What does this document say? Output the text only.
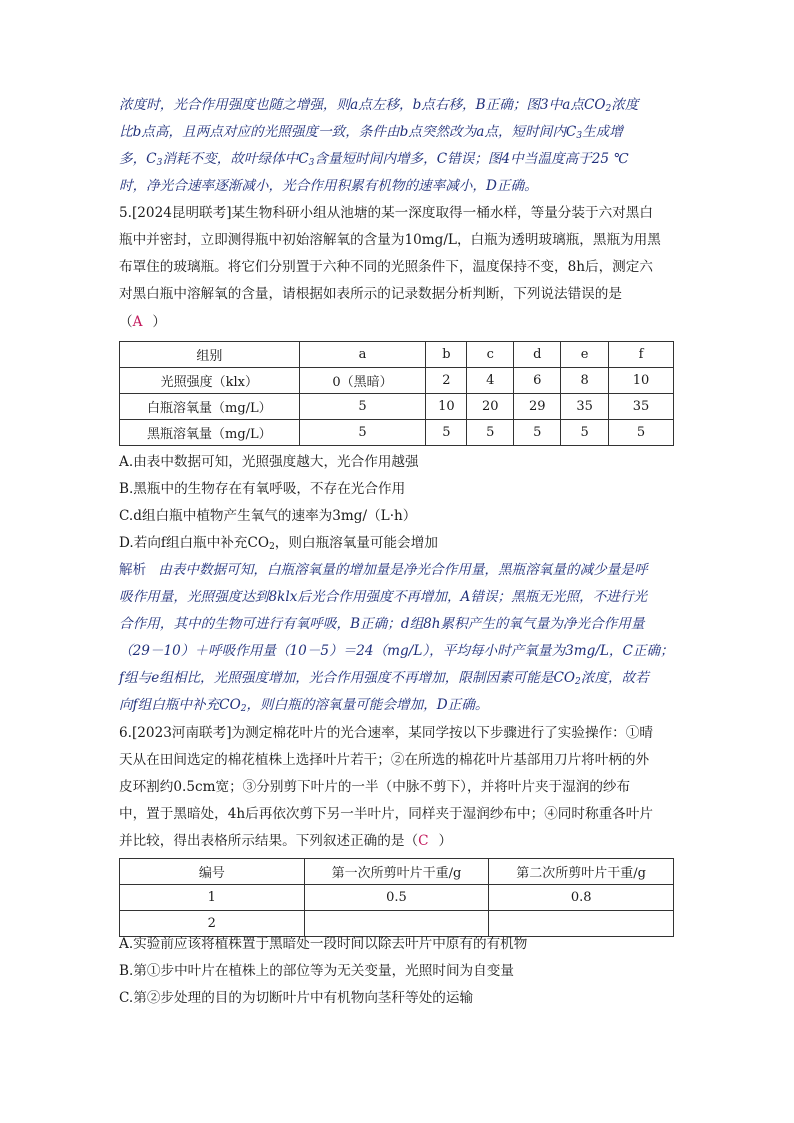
浓度时，光合作用强度也随之增强，则a点左移，b点右移，B正确；图3中a点$CO_2$浓度
比b点高，且两点对应的光照强度一致，条件由b点突然改为a点，短时间内$C_3$生成增
多，$C_3$消耗不变，故叶绿体中$C_3$含量短时间内增多，C错误；图4中当温度高于25 ℃
时，净光合速率逐渐减小，光合作用积累有机物的速率减小，D正确。
5.[2024昆明联考]某生物科研小组从池塘的某一深度取得一桶水样，等量分装于六对黑白
瓶中并密封，立即测得瓶中初始溶解氧的含量为10mg/L，白瓶为透明玻璃瓶，黑瓶为用黑
布罩住的玻璃瓶。将它们分别置于六种不同的光照条件下，温度保持不变，8h后，测定六
对黑白瓶中溶解氧的含量，请根据如表所示的记录数据分析判断，下列说法错误的是
（A ）
组别	a	b	c	d	e	f
光照强度（klx）	0（黑暗）	2	4	6	8	10
白瓶溶氧量（mg/L）	5	10	20	29	35	35
黑瓶溶氧量（mg/L）	5	5	5	5	5	5
A.由表中数据可知，光照强度越大，光合作用越强
B.黑瓶中的生物存在有氧呼吸，不存在光合作用
C.d组白瓶中植物产生氧气的速率为3mg/（L·h）
D.若向f组白瓶中补充$CO_2$，则白瓶溶氧量可能会增加
解析 由表中数据可知，白瓶溶氧量的增加量是净光合作用量，黑瓶溶氧量的减少量是呼
吸作用量，光照强度达到8klx后光合作用强度不再增加，A错误；黑瓶无光照，不进行光
合作用，其中的生物可进行有氧呼吸，B正确；d组8h累积产生的氧气量为净光合作用量
（29－10）＋呼吸作用量（10－5）＝24（mg/L），平均每小时产氧量为3mg/L，C正确；
f组与e组相比，光照强度增加，光合作用强度不再增加，限制因素可能是$CO_2$浓度，故若
向f组白瓶中补充$CO_2$，则白瓶的溶氧量可能会增加，D正确。
6.[2023河南联考]为测定棉花叶片的光合速率，某同学按以下步骤进行了实验操作：①晴
天从在田间选定的棉花植株上选择叶片若干；②在所选的棉花叶片基部用刀片将叶柄的外
皮环割约0.5cm宽；③分别剪下叶片的一半（中脉不剪下），并将叶片夹于湿润的纱布
中，置于黑暗处，4h后再依次剪下另一半叶片，同样夹于湿润纱布中；④同时称重各叶片
并比较，得出表格所示结果。下列叙述正确的是（C ）
编号	第一次所剪叶片干重/g	第二次所剪叶片干重/g
1	0.5	0.8
2		
A.实验前应该将植株置于黑暗处一段时间以除去叶片中原有的有机物
B.第①步中叶片在植株上的部位等为无关变量，光照时间为自变量
C.第②步处理的目的为切断叶片中有机物向茎秆等处的运输
